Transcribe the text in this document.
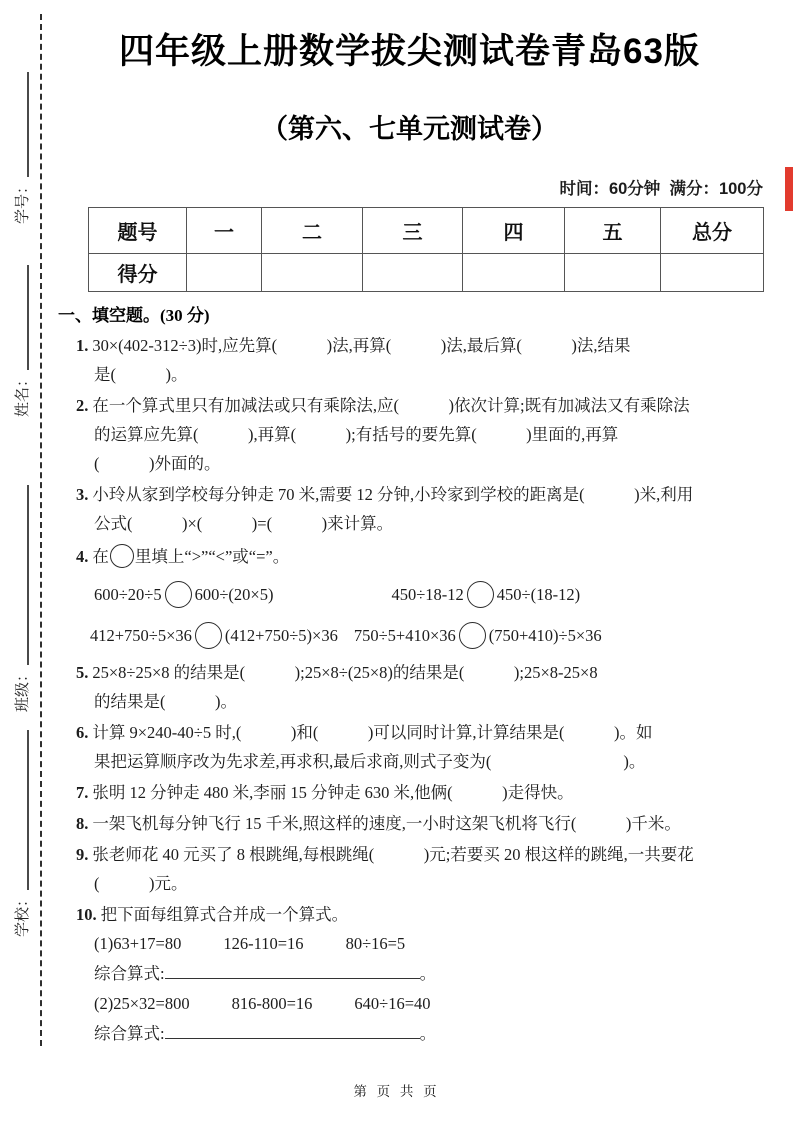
学号：
姓名：
班级：
学校：
四年级上册数学拔尖测试卷青岛63版
（第六、七单元测试卷）
时间：60分钟  满分：100分
题号	一	二	三	四	五	总分
得分						
一、填空题。(30 分)
1. 30×(402-312÷3)时,应先算(　　　)法,再算(　　　)法,最后算(　　　)法,结果
是(　　　)。
2. 在一个算式里只有加减法或只有乘除法,应(　　　)依次计算;既有加减法又有乘除法
的运算应先算(　　　),再算(　　　);有括号的要先算(　　　)里面的,再算
(　　　)外面的。
3. 小玲从家到学校每分钟走 70 米,需要 12 分钟,小玲家到学校的距离是(　　　)米,利用
公式(　　　)×(　　　)=(　　　)来计算。
4. 在 里填上“>”“<”或“=”。
600÷20÷5 600÷(20×5)	450÷18-12 450÷(18-12)
412+750÷5×36 (412+750÷5)×36 750÷5+410×36 (750+410)÷5×36
5. 25×8÷25×8 的结果是(　　　);25×8÷(25×8)的结果是(　　　);25×8-25×8
的结果是(　　　)。
6. 计算 9×240-40÷5 时,(　　　)和(　　　)可以同时计算,计算结果是(　　　)。如
果把运算顺序改为先求差,再求积,最后求商,则式子变为(　　　　　　　　)。
7. 张明 12 分钟走 480 米,李丽 15 分钟走 630 米,他俩(　　　)走得快。
8. 一架飞机每分钟飞行 15 千米,照这样的速度,一小时这架飞机将飞行(　　　)千米。
9. 张老师花 40 元买了 8 根跳绳,每根跳绳(　　　)元;若要买 20 根这样的跳绳,一共要花
(　　　)元。
10. 把下面每组算式合并成一个算式。
(1)63+17=80	126-110=16	80÷16=5
综合算式:	。
(2)25×32=800	816-800=16	640÷16=40
综合算式:	。
第 页 共 页
